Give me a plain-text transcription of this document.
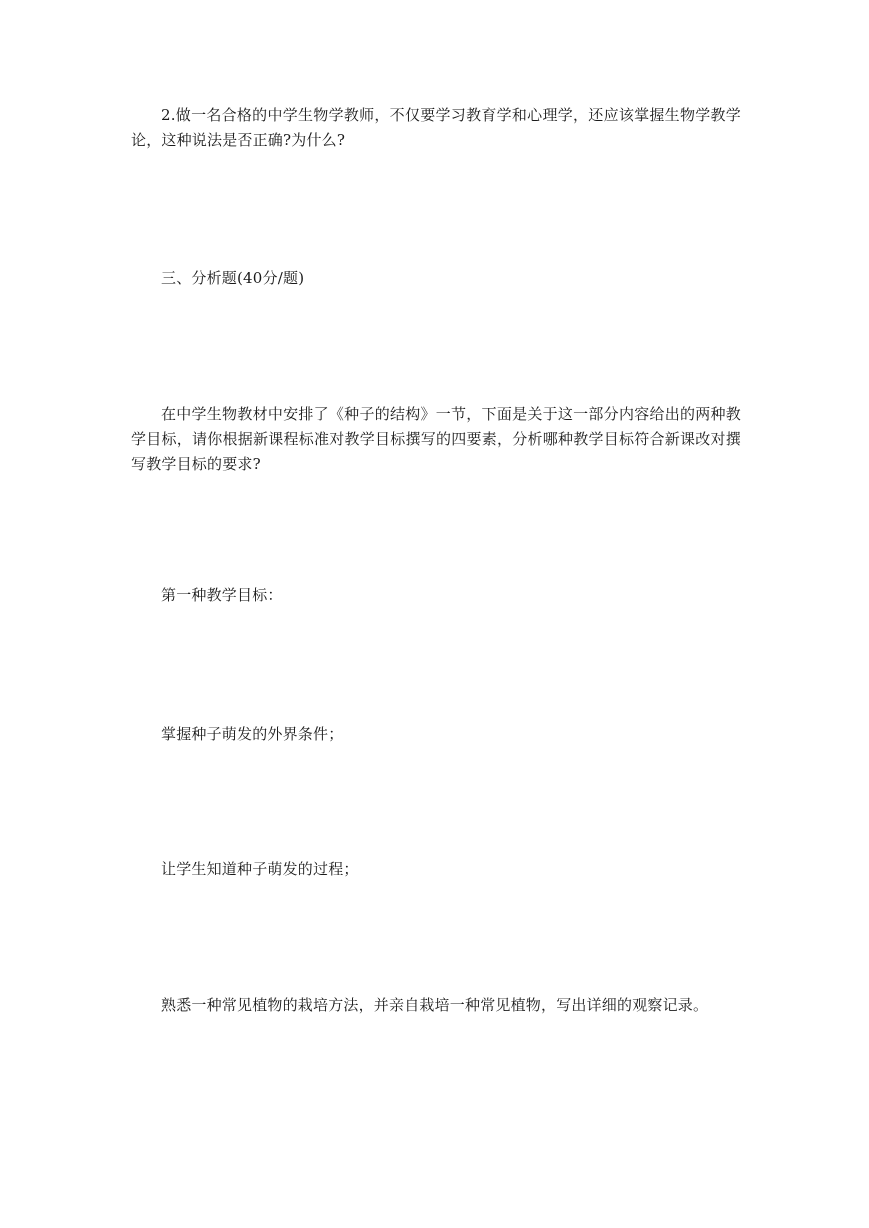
2.做一名合格的中学生物学教师，不仅要学习教育学和心理学，还应该掌握生物学教学论，这种说法是否正确?为什么?

三、分析题(40分/题)

在中学生物教材中安排了《种子的结构》一节，下面是关于这一部分内容给出的两种教学目标，请你根据新课程标准对教学目标撰写的四要素，分析哪种教学目标符合新课改对撰写教学目标的要求?

第一种教学目标：

掌握种子萌发的外界条件；

让学生知道种子萌发的过程；

熟悉一种常见植物的栽培方法，并亲自栽培一种常见植物，写出详细的观察记录。
